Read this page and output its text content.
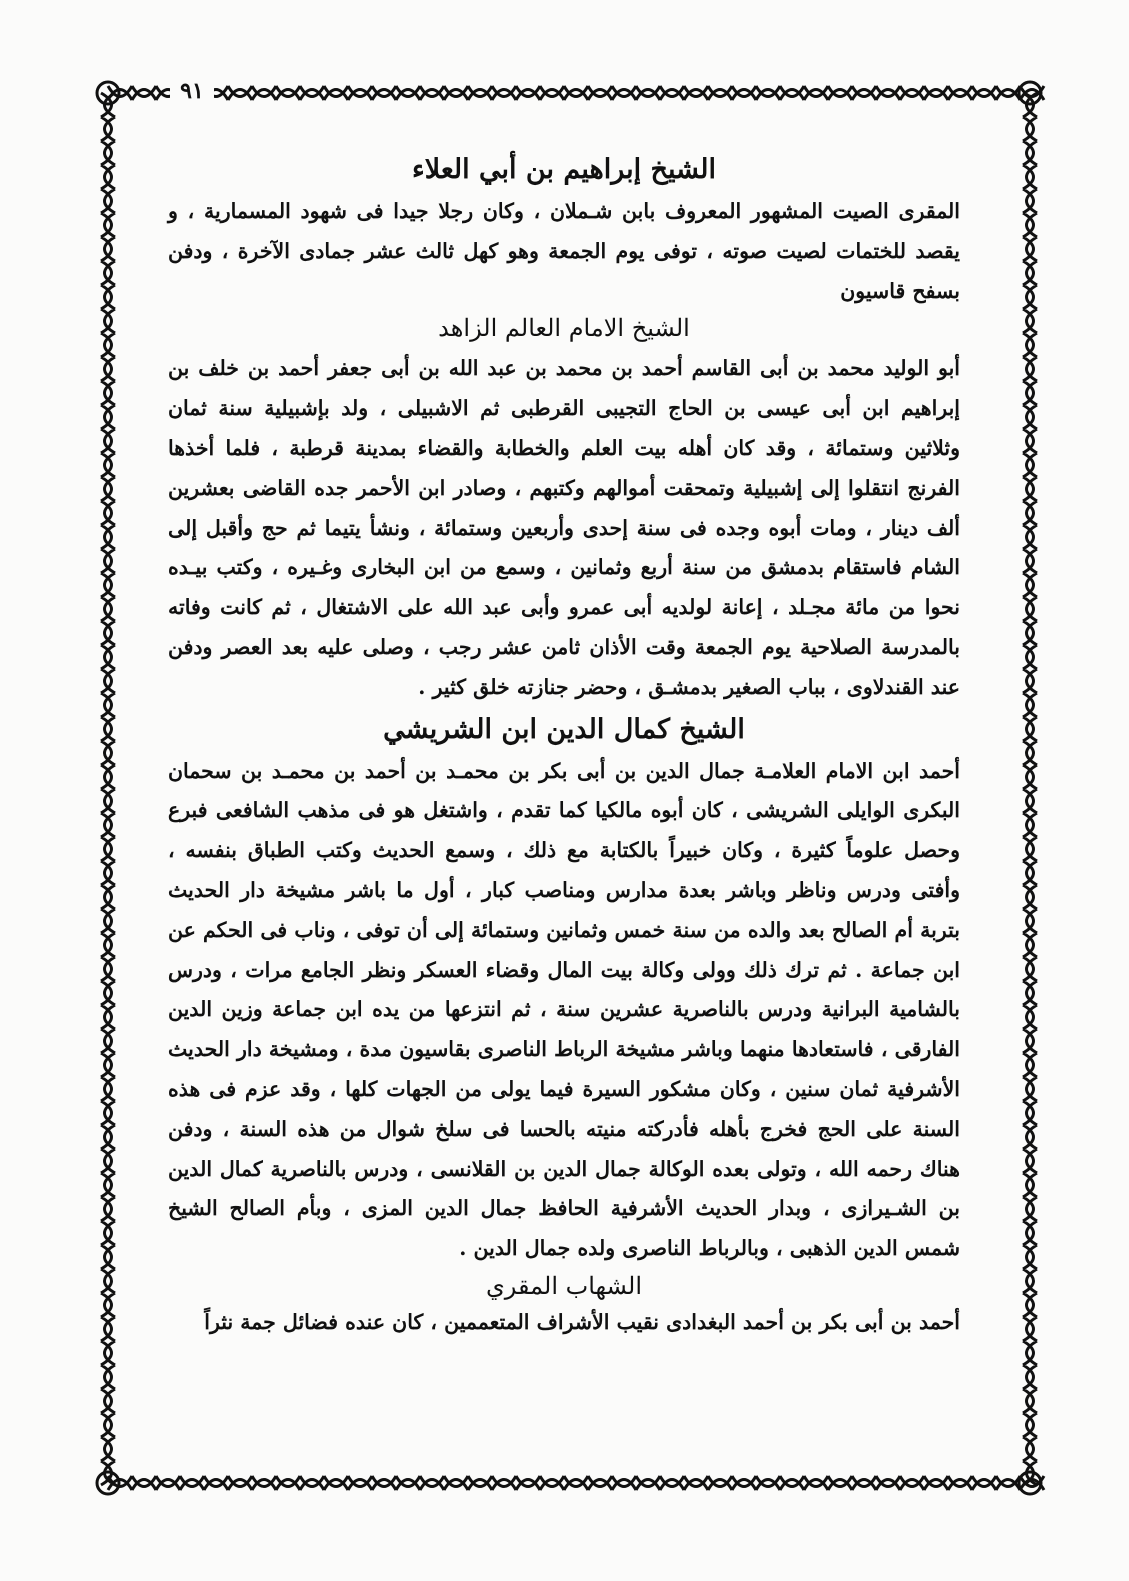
٩١
الشيخ إبراهيم بن أبي العلاء

المقرى الصيت المشهور المعروف بابن شـملان ، وكان رجلا جيدا فى شهود المسمارية ، و يقصد للختمات لصيت صوته ، توفى يوم الجمعة وهو كهل ثالث عشر جمادى الآخرة ، ودفن بسفح قاسيون

الشيخ الامام العالم الزاهد

أبو الوليد محمد بن أبى القاسم أحمد بن محمد بن عبد الله بن أبى جعفر أحمد بن خلف بن إبراهيم ابن أبى عيسى بن الحاج التجيبى القرطبى ثم الاشبيلى ، ولد بإشبيلية سنة ثمان وثلاثين وستمائة ، وقد كان أهله بيت العلم والخطابة والقضاء بمدينة قرطبة ، فلما أخذها الفرنج انتقلوا إلى إشبيلية وتمحقت أموالهم وكتبهم ، وصادر ابن الأحمر جده القاضى بعشرين ألف دينار ، ومات أبوه وجده فى سنة إحدى وأربعين وستمائة ، ونشأ يتيما ثم حج وأقبل إلى الشام فاستقام بدمشق من سنة أربع وثمانين ، وسمع من ابن البخارى وغـيره ، وكتب بيـده نحوا من مائة مجـلد ، إعانة لولديه أبى عمرو وأبى عبد الله على الاشتغال ، ثم كانت وفاته بالمدرسة الصلاحية يوم الجمعة وقت الأذان ثامن عشر رجب ، وصلى عليه بعد العصر ودفن عند القندلاوى ، بباب الصغير بدمشـق ، وحضر جنازته خلق كثير .

الشيخ كمال الدين ابن الشريشي

أحمد ابن الامام العلامـة جمال الدين بن أبى بكر بن محمـد بن أحمد بن محمـد بن سحمان البكرى الوايلى الشريشى ، كان أبوه مالكيا كما تقدم ، واشتغل هو فى مذهب الشافعى فبرع وحصل علوماً كثيرة ، وكان خبيراً بالكتابة مع ذلك ، وسمع الحديث وكتب الطباق بنفسه ، وأفتى ودرس وناظر وباشر بعدة مدارس ومناصب كبار ، أول ما باشر مشيخة دار الحديث بتربة أم الصالح بعد والده من سنة خمس وثمانين وستمائة إلى أن توفى ، وناب فى الحكم عن ابن جماعة . ثم ترك ذلك وولى وكالة بيت المال وقضاء العسكر ونظر الجامع مرات ، ودرس بالشامية البرانية ودرس بالناصرية عشرين سنة ، ثم انتزعها من يده ابن جماعة وزين الدين الفارقى ، فاستعادها منهما وباشر مشيخة الرباط الناصرى بقاسيون مدة ، ومشيخة دار الحديث الأشرفية ثمان سنين ، وكان مشكور السيرة فيما يولى من الجهات كلها ، وقد عزم فى هذه السنة على الحج فخرج بأهله فأدركته منيته بالحسا فى سلخ شوال من هذه السنة ، ودفن هناك رحمه الله ، وتولى بعده الوكالة جمال الدين بن القلانسى ، ودرس بالناصرية كمال الدين بن الشـيرازى ، وبدار الحديث الأشرفية الحافظ جمال الدين المزى ، وبأم الصالح الشيخ شمس الدين الذهبى ، وبالرباط الناصرى ولده جمال الدين .

الشهاب المقري

أحمد بن أبى بكر بن أحمد البغدادى نقيب الأشراف المتعممين ، كان عنده فضائل جمة نثراً
